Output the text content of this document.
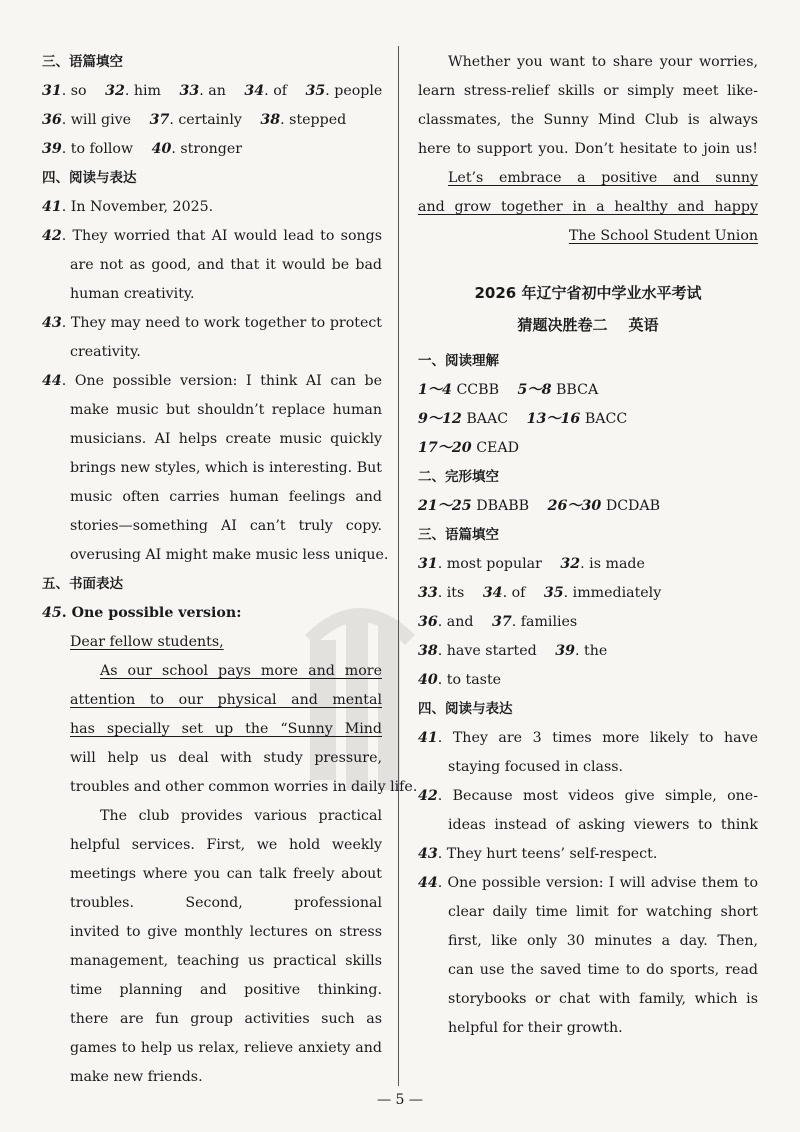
三、语篇填空
31. so 32. him 33. an 34. of 35. people
36. will give 37. certainly 38. stepped
39. to follow 40. stronger
四、阅读与表达
41. In November, 2025.
42. They worried that AI would lead to songs
are not as good, and that it would be bad
human creativity.
43. They may need to work together to protect
creativity.
44. One possible version: I think AI can be
make music but shouldn’t replace human
musicians. AI helps create music quickly
brings new styles, which is interesting. But
music often carries human feelings and
stories—something AI can’t truly copy.
overusing AI might make music less unique.
五、书面表达
45. One possible version:
Dear fellow students,
As our school pays more and more
attention to our physical and mental
has specially set up the “Sunny Mind
will help us deal with study pressure,
troubles and other common worries in daily life.
The club provides various practical
helpful services. First, we hold weekly
meetings where you can talk freely about
troubles. Second, professional
invited to give monthly lectures on stress
management, teaching us practical skills
time planning and positive thinking.
there are fun group activities such as
games to help us relax, relieve anxiety and
make new friends.
Whether you want to share your worries,
learn stress-relief skills or simply meet like-
classmates, the Sunny Mind Club is always
here to support you. Don’t hesitate to join us!
Let’s embrace a positive and sunny
and grow together in a healthy and happy
The School Student Union
2026 年辽宁省初中学业水平考试
猜题决胜卷二 英语
一、阅读理解
1～4 CCBB 5～8 BBCA
9～12 BAAC 13～16 BACC
17～20 CEAD
二、完形填空
21～25 DBABB 26～30 DCDAB
三、语篇填空
31. most popular 32. is made
33. its 34. of 35. immediately
36. and 37. families
38. have started 39. the
40. to taste
四、阅读与表达
41. They are 3 times more likely to have
staying focused in class.
42. Because most videos give simple, one-
ideas instead of asking viewers to think
43. They hurt teens’ self-respect.
44. One possible version: I will advise them to
clear daily time limit for watching short
first, like only 30 minutes a day. Then,
can use the saved time to do sports, read
storybooks or chat with family, which is
helpful for their growth.
— 5 —
